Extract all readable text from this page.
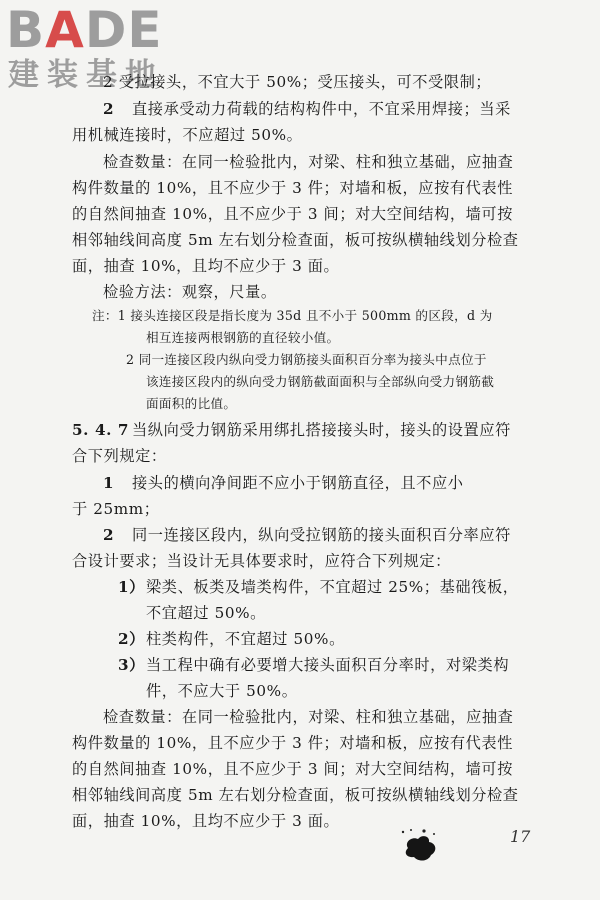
BADE
建装基地
2 受拉接头，不宜大于 50%；受压接头，可不受限制；
2 直接承受动力荷载的结构构件中，不宜采用焊接；当采
用机械连接时，不应超过 50%。
检查数量：在同一检验批内，对梁、柱和独立基础，应抽查
构件数量的 10%，且不应少于 3 件；对墙和板，应按有代表性
的自然间抽查 10%，且不应少于 3 间；对大空间结构，墙可按
相邻轴线间高度 5m 左右划分检查面，板可按纵横轴线划分检查
面，抽查 10%，且均不应少于 3 面。
检验方法：观察，尺量。
注：1 接头连接区段是指长度为 35d 且不小于 500mm 的区段，d 为
相互连接两根钢筋的直径较小值。
2 同一连接区段内纵向受力钢筋接头面积百分率为接头中点位于
该连接区段内的纵向受力钢筋截面面积与全部纵向受力钢筋截
面面积的比值。
5. 4. 7 当纵向受力钢筋采用绑扎搭接接头时，接头的设置应符
合下列规定：
1 接头的横向净间距不应小于钢筋直径，且不应小
于 25mm；
2 同一连接区段内，纵向受拉钢筋的接头面积百分率应符
合设计要求；当设计无具体要求时，应符合下列规定：
1） 梁类、板类及墙类构件，不宜超过 25%；基础筏板，
不宜超过 50%。
2） 柱类构件，不宜超过 50%。
3） 当工程中确有必要增大接头面积百分率时，对梁类构
件，不应大于 50%。
检查数量：在同一检验批内，对梁、柱和独立基础，应抽查
构件数量的 10%，且不应少于 3 件；对墙和板，应按有代表性
的自然间抽查 10%，且不应少于 3 间；对大空间结构，墙可按
相邻轴线间高度 5m 左右划分检查面，板可按纵横轴线划分检查
面，抽查 10%，且均不应少于 3 面。
17
